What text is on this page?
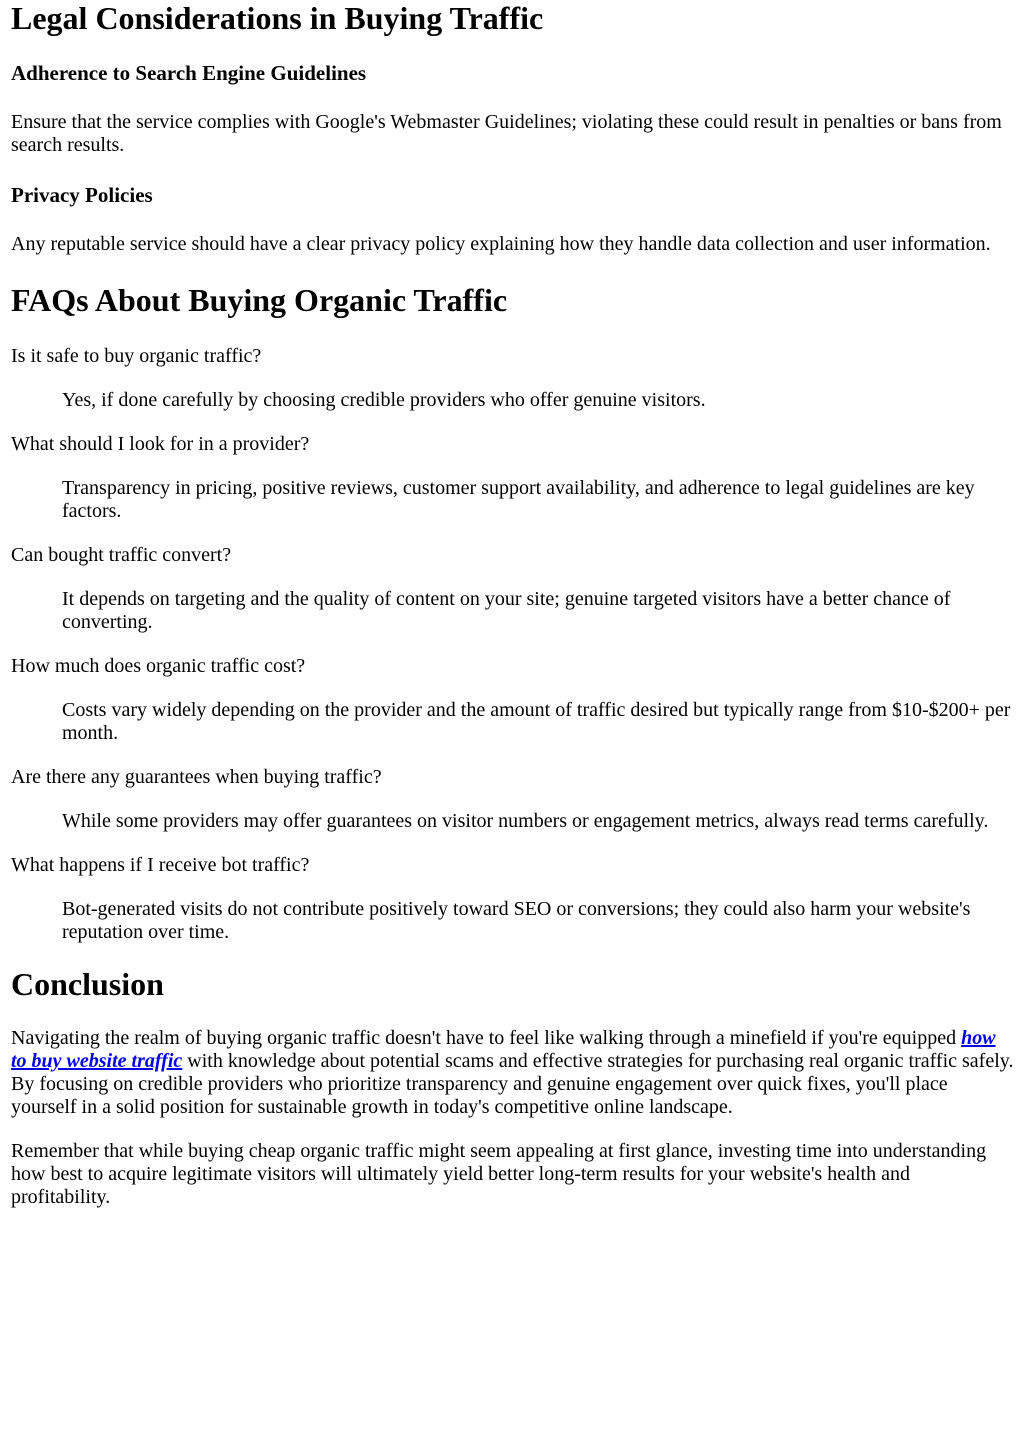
Legal Considerations in Buying Traffic
Adherence to Search Engine Guidelines

Ensure that the service complies with Google's Webmaster Guidelines; violating these could result in penalties or bans from search results.

Privacy Policies

Any reputable service should have a clear privacy policy explaining how they handle data collection and user information.

FAQs About Buying Organic Traffic
Is it safe to buy organic traffic?
Yes, if done carefully by choosing credible providers who offer genuine visitors.
What should I look for in a provider?
Transparency in pricing, positive reviews, customer support availability, and adherence to legal guidelines are key factors.
Can bought traffic convert?
It depends on targeting and the quality of content on your site; genuine targeted visitors have a better chance of converting.
How much does organic traffic cost?
Costs vary widely depending on the provider and the amount of traffic desired but typically range from $10-$200+ per month.
Are there any guarantees when buying traffic?
While some providers may offer guarantees on visitor numbers or engagement metrics, always read terms carefully.
What happens if I receive bot traffic?
Bot-generated visits do not contribute positively toward SEO or conversions; they could also harm your website's reputation over time.
Conclusion

Navigating the realm of buying organic traffic doesn't have to feel like walking through a minefield if you're equipped how to buy website traffic with knowledge about potential scams and effective strategies for purchasing real organic traffic safely. By focusing on credible providers who prioritize transparency and genuine engagement over quick fixes, you'll place yourself in a solid position for sustainable growth in today's competitive online landscape.

Remember that while buying cheap organic traffic might seem appealing at first glance, investing time into understanding how best to acquire legitimate visitors will ultimately yield better long-term results for your website's health and profitability.
